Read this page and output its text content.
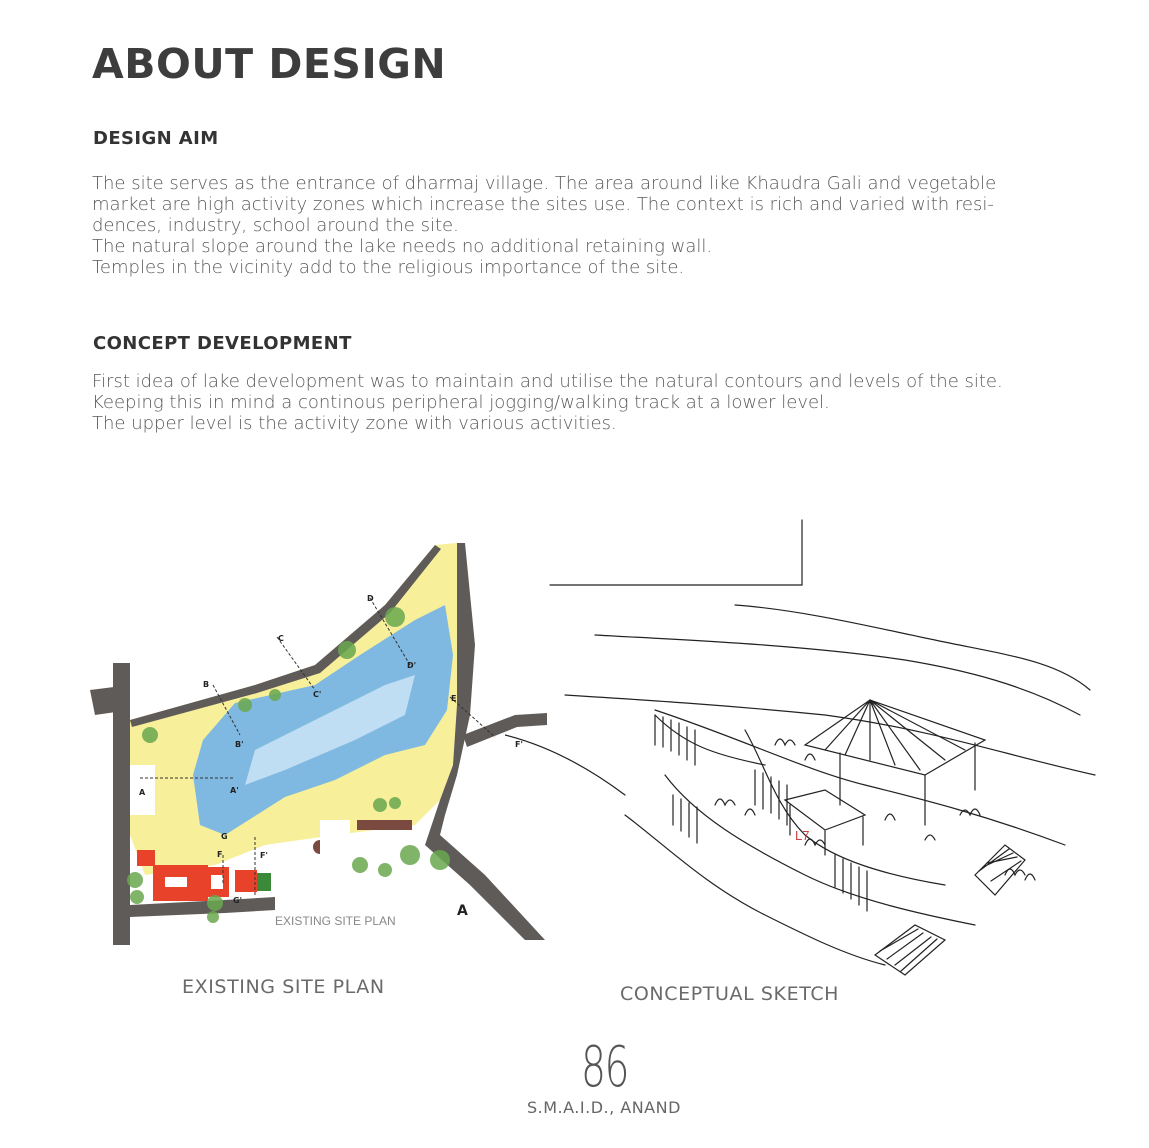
ABOUT DESIGN
DESIGN AIM

The site serves as the entrance of dharmaj village. The area around like Khaudra Gali and vegetable

market are high activity zones which increase the sites use. The context is rich and varied with resi-

dences, industry, school around the site.

The natural slope around the lake needs no additional retaining wall.

Temples in the vicinity add to the religious importance of the site.

CONCEPT DEVELOPMENT

First idea of lake development was to maintain and utilise the natural contours and levels of the site.

Keeping this in mind a continous peripheral jogging/walking track at a lower level.

The upper level is the activity zone with various activities.

A	A'
B
B'
C
C'
D
D'
E
F'
F	F'
G
G'
EXISTING SITE PLAN
A
EXISTING SITE PLAN
L7
CONCEPTUAL SKETCH
86
S.M.A.I.D., ANAND
